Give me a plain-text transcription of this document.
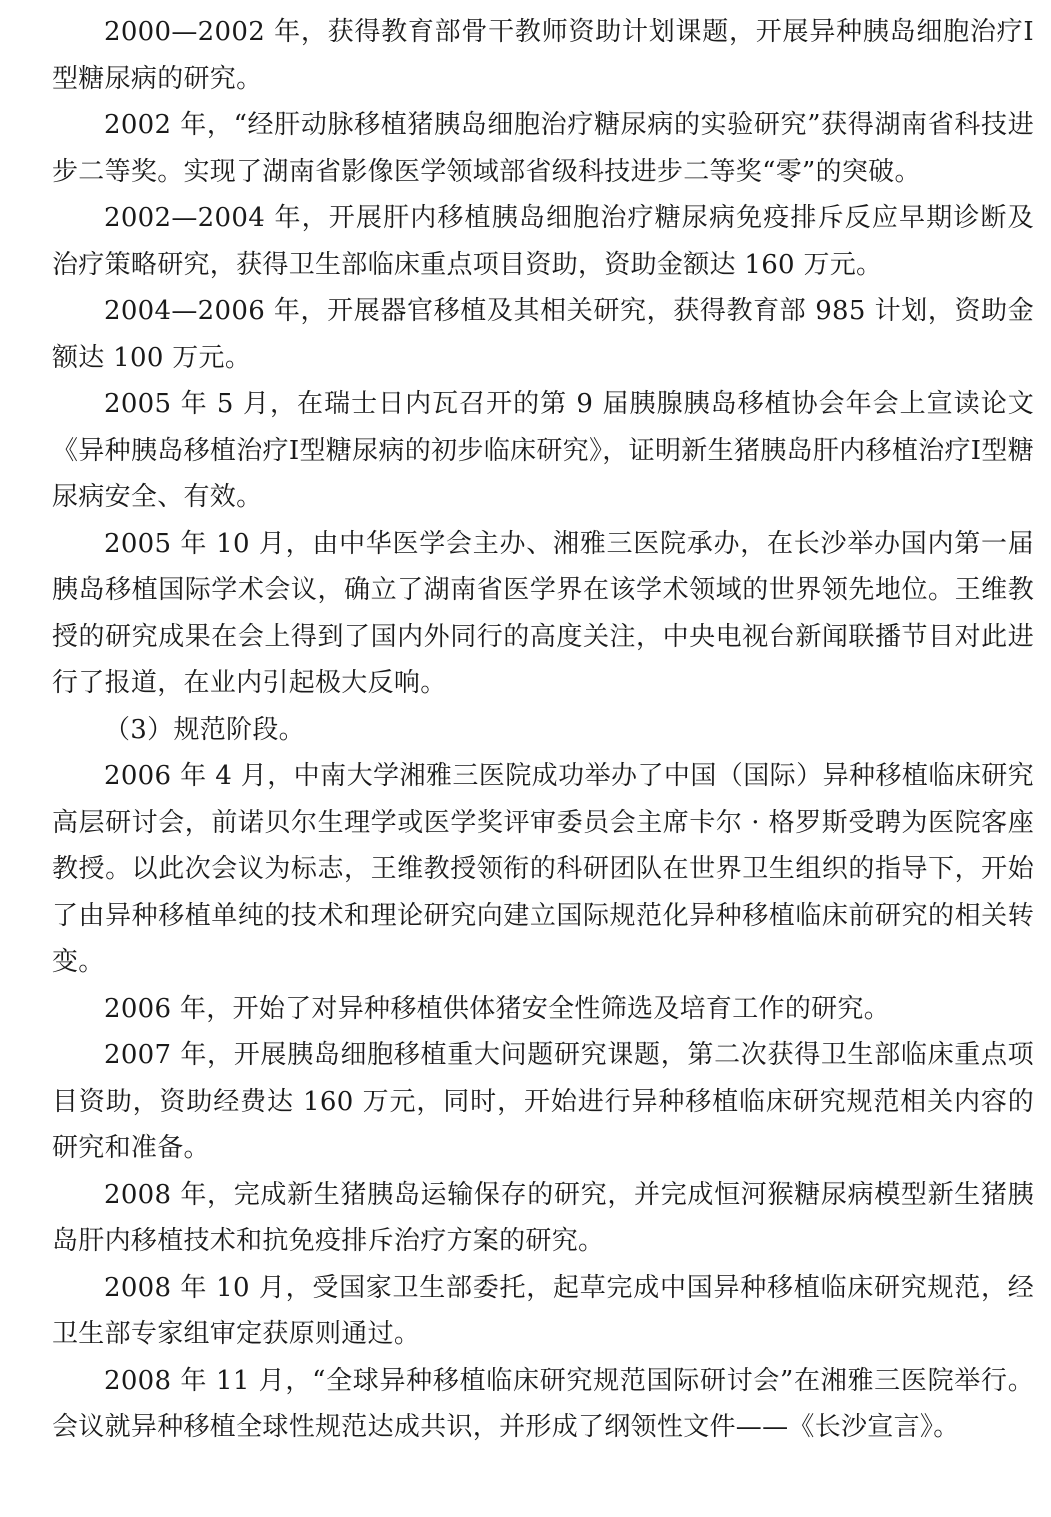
2000—2002 年，获得教育部骨干教师资助计划课题，开展异种胰岛细胞治疗Ⅰ型糖尿病的研究。

2002 年，“经肝动脉移植猪胰岛细胞治疗糖尿病的实验研究”获得湖南省科技进步二等奖。实现了湖南省影像医学领域部省级科技进步二等奖“零”的突破。

2002—2004 年，开展肝内移植胰岛细胞治疗糖尿病免疫排斥反应早期诊断及治疗策略研究，获得卫生部临床重点项目资助，资助金额达 160 万元。

2004—2006 年，开展器官移植及其相关研究，获得教育部 985 计划，资助金额达 100 万元。

2005 年 5 月，在瑞士日内瓦召开的第 9 届胰腺胰岛移植协会年会上宣读论文《异种胰岛移植治疗Ⅰ型糖尿病的初步临床研究》，证明新生猪胰岛肝内移植治疗Ⅰ型糖尿病安全、有效。

2005 年 10 月，由中华医学会主办、湘雅三医院承办，在长沙举办国内第一届胰岛移植国际学术会议，确立了湖南省医学界在该学术领域的世界领先地位。王维教授的研究成果在会上得到了国内外同行的高度关注，中央电视台新闻联播节目对此进行了报道，在业内引起极大反响。

（3）规范阶段。

2006 年 4 月，中南大学湘雅三医院成功举办了中国（国际）异种移植临床研究高层研讨会，前诺贝尔生理学或医学奖评审委员会主席卡尔 · 格罗斯受聘为医院客座教授。以此次会议为标志，王维教授领衔的科研团队在世界卫生组织的指导下，开始了由异种移植单纯的技术和理论研究向建立国际规范化异种移植临床前研究的相关转变。

2006 年，开始了对异种移植供体猪安全性筛选及培育工作的研究。

2007 年，开展胰岛细胞移植重大问题研究课题，第二次获得卫生部临床重点项目资助，资助经费达 160 万元，同时，开始进行异种移植临床研究规范相关内容的研究和准备。

2008 年，完成新生猪胰岛运输保存的研究，并完成恒河猴糖尿病模型新生猪胰岛肝内移植技术和抗免疫排斥治疗方案的研究。

2008 年 10 月，受国家卫生部委托，起草完成中国异种移植临床研究规范，经卫生部专家组审定获原则通过。

2008 年 11 月，“全球异种移植临床研究规范国际研讨会”在湘雅三医院举行。会议就异种移植全球性规范达成共识，并形成了纲领性文件——《长沙宣言》。
